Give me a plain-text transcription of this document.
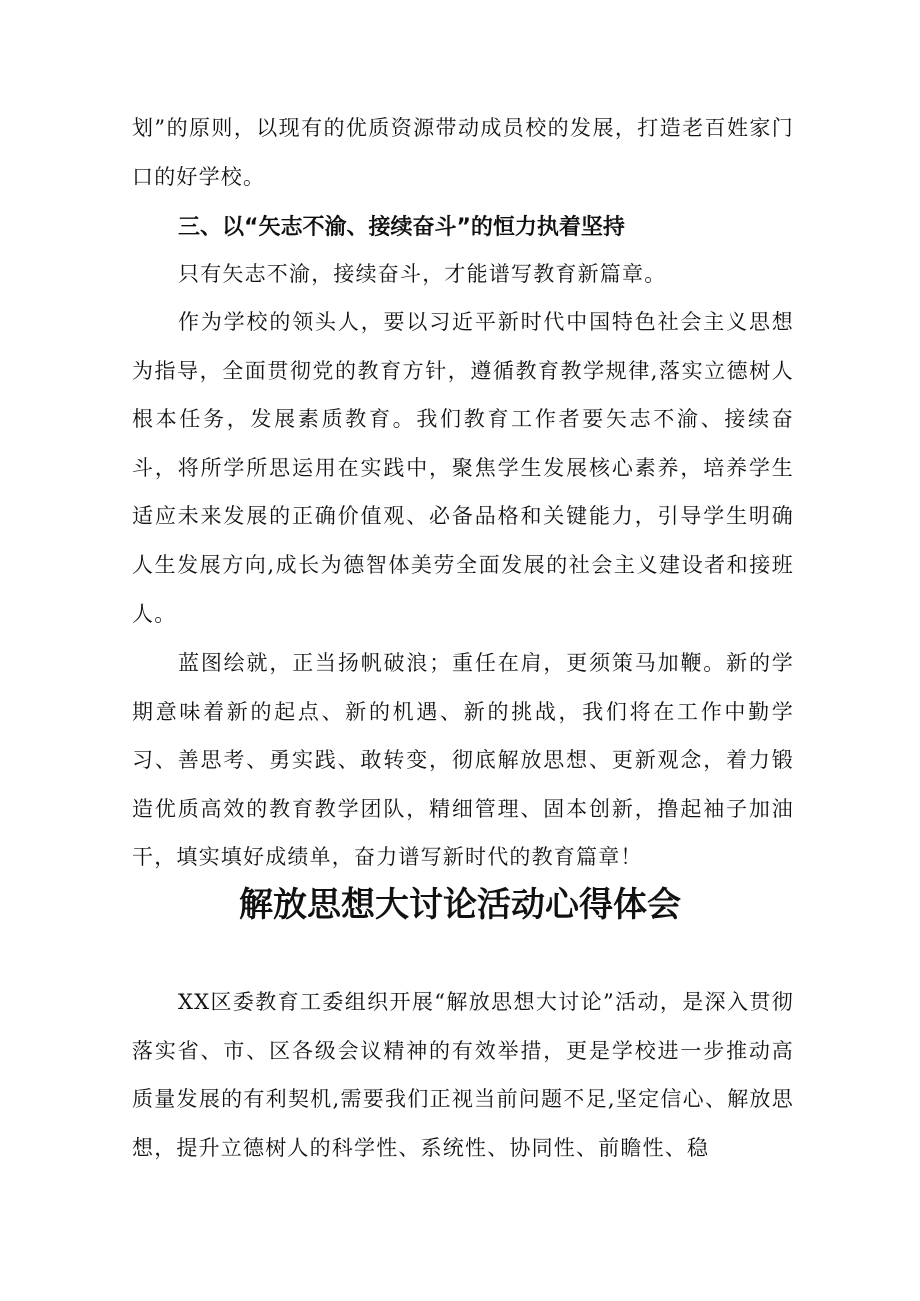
划”的原则，以现有的优质资源带动成员校的发展，打造老百姓家门口的好学校。

三、以“矢志不渝、接续奋斗”的恒力执着坚持

只有矢志不渝，接续奋斗，才能谱写教育新篇章。

作为学校的领头人，要以习近平新时代中国特色社会主义思想为指导，全面贯彻党的教育方针，遵循教育教学规律,落实立德树人根本任务，发展素质教育。我们教育工作者要矢志不渝、接续奋斗，将所学所思运用在实践中，聚焦学生发展核心素养，培养学生适应未来发展的正确价值观、必备品格和关键能力，引导学生明确人生发展方向,成长为德智体美劳全面发展的社会主义建设者和接班人。

蓝图绘就，正当扬帆破浪；重任在肩，更须策马加鞭。新的学期意味着新的起点、新的机遇、新的挑战，我们将在工作中勤学习、善思考、勇实践、敢转变，彻底解放思想、更新观念，着力锻造优质高效的教育教学团队，精细管理、固本创新，撸起袖子加油干，填实填好成绩单，奋力谱写新时代的教育篇章！

解放思想大讨论活动心得体会

XX区委教育工委组织开展“解放思想大讨论”活动，是深入贯彻落实省、市、区各级会议精神的有效举措，更是学校进一步推动高质量发展的有利契机,需要我们正视当前问题不足,坚定信心、解放思想，提升立德树人的科学性、系统性、协同性、前瞻性、稳
